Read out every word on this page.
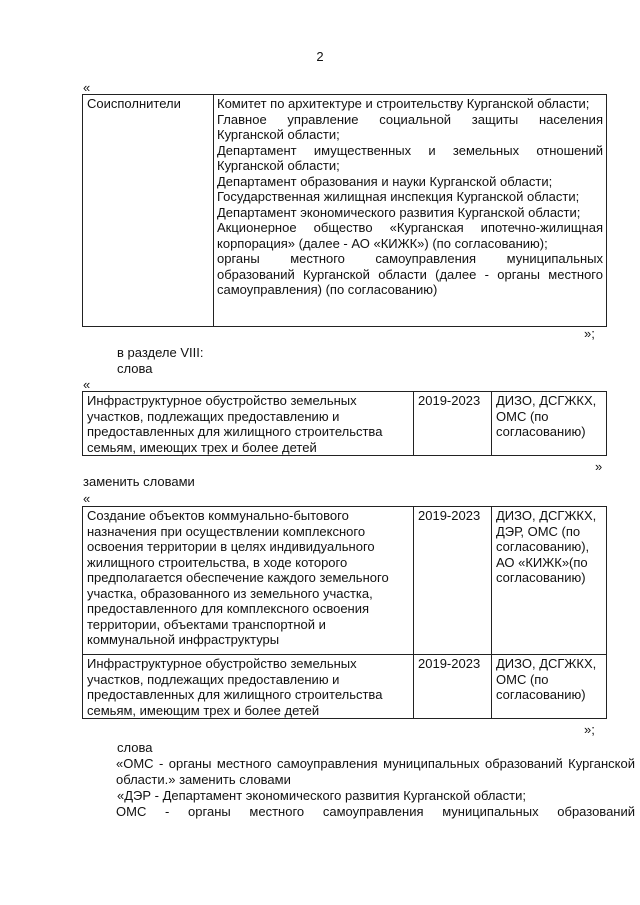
2
«
Соисполнители	Комитет по архитектуре и строительству Курганской области;
Главное управление социальной защиты населения Курганской области;
Департамент имущественных и земельных отношений Курганской области;
Департамент образования и науки Курганской области;
Государственная жилищная инспекция Курганской области;
Департамент экономического развития Курганской области;
Акционерное общество «Курганская ипотечно-жилищная корпорация» (далее - АО «КИЖК») (по согласованию);
органы местного самоуправления муниципальных образований Курганской области (далее - органы местного самоуправления) (по согласованию)
»;
в разделе VIII:
слова
«
Инфраструктурное обустройство земельных участков, подлежащих предоставлению и предоставленных для жилищного строительства семьям, имеющих трех и более детей	2019-2023	ДИЗО, ДСГЖКХ, ОМС (по согласованию)
»
заменить словами
«
Создание объектов коммунально-бытового назначения при осуществлении комплексного освоения территории в целях индивидуального жилищного строительства, в ходе которого предполагается обеспечение каждого земельного участка, образованного из земельного участка, предоставленного для комплексного освоения территории, объектами транспортной и коммунальной инфраструктуры	2019-2023	ДИЗО, ДСГЖКХ, ДЭР, ОМС (по согласованию), АО «КИЖК»(по согласованию)
Инфраструктурное обустройство земельных участков, подлежащих предоставлению и предоставленных для жилищного строительства семьям, имеющим трех и более детей	2019-2023	ДИЗО, ДСГЖКХ, ОМС (по согласованию)
»;
слова
«ОМС - органы местного самоуправления муниципальных образований Курганской области.» заменить словами
«ДЭР - Департамент экономического развития Курганской области;
ОМС - органы местного самоуправления муниципальных образований
